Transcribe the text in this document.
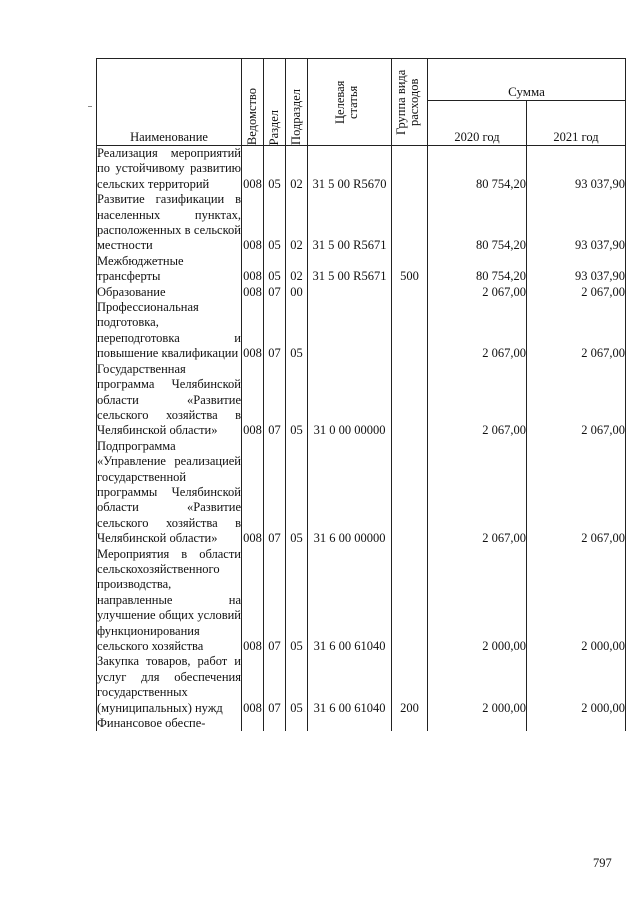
Наименование	Ведомство	Раздел	Подраздел	Целевая статья	Группа вида расходов	Сумма	
						2020 год	2021 год
Реализация мероприятий по устойчивому развитию сельских территорий	008	05	02	31 5 00 R5670		80 754,20	93 037,90
Развитие газификации в населенных пунктах, расположенных в сельской местности	008	05	02	31 5 00 R5671		80 754,20	93 037,90
Межбюджетные трансферты	008	05	02	31 5 00 R5671	500	80 754,20	93 037,90
Образование	008	07	00			2 067,00	2 067,00
Профессиональная подготовка, переподготовка и повышение квалификации	008	07	05			2 067,00	2 067,00
Государственная программа Челябинской области «Развитие сельского хозяйства в Челябинской области»	008	07	05	31 0 00 00000		2 067,00	2 067,00
Подпрограмма «Управление реализацией государственной программы Челябинской области «Развитие сельского хозяйства в Челябинской области»	008	07	05	31 6 00 00000		2 067,00	2 067,00
Мероприятия в области сельскохозяйственного производства, направленные на улучшение общих условий функционирования сельского хозяйства	008	07	05	31 6 00 61040		2 000,00	2 000,00
Закупка товаров, работ и услуг для обеспечения государственных (муниципальных) нужд	008	07	05	31 6 00 61040	200	2 000,00	2 000,00
Финансовое обеспе-							
797
